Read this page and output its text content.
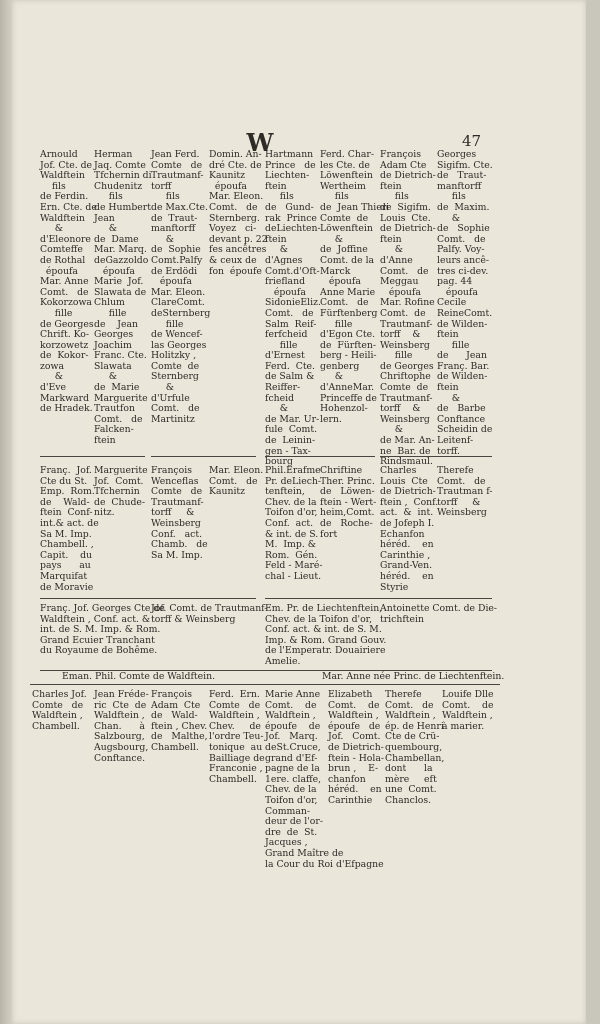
W	47
Arnould
Jof. Cte. de
Waldftein
fils
de Ferdin.
Ern. Cte. de
Waldftein
&
d'Eleonore
Comteffe
de Rothal
époufa
Mar. Anne
Comt.   de
Kokorzowa
fille
de Georges
Chrift. Ko-
korzowetz
de  Kokor-
zowa
&
d'Eve
Markward
de Hradek.
Herman
Jaq. Comte
Tfchernin di
Chudenitz
fils
de Humbert
Jean
&
de  Dame
Mar. Marq.
deGazzoldo
époufa
Marie  Jof.
Slawata de
Chlum
fille
de    Jean
Georges
Joachim
Franc. Cte.
Slawata
&
de  Marie
Marguerite
Trautfon
Comt.   de
Falcken-
ftein
Jean Ferd.
Comte   de
Trautmanf-
torff
fils
de Max.Cte.
de  Traut-
manftorff
&
de  Sophie
Comt.Palfy
de Erdödi
époufa
Mar. Eleon.
ClareComt.
deSternberg
fille
de Wencef-
las Georges
Holitzky ,
Comte  de
Sternberg
&
d'Urfule
Comt.   de
Martinitz
Domin. An-
dré Cte. de
Kaunitz
époufa
Mar. Eleon.
Comt.   de
Sternberg.
Voyez   ci-
devant p. 22
fes ancêtres
& ceux de
fon  époufe
Hartmann
Prince   de
Liechten-
ftein
fils
de   Gund-
rak  Prince
deLiechten-
ftein
&
d'Agnes
Comt.d'Oft-
friefland
époufa
SidonieEliz.
Comt.   de
Salm  Reif-
ferfcheid
fille
d'Ernest
Ferd.  Cte.
de Salm &
Reiffer-
fcheid
&
de Mar. Ur-
fule  Comt.
de  Leinin-
gen - Tax-
bourg
Ferd. Char-
les Cte. de
Löwenftein
Wertheim
fils
de  Jean Thieri
Comte  de
Löwenftein
&
de  Joffine
Comt. de la
Marck
époufa
Anne Marie
Comt.   de
Fürftenberg
fille
d'Egon Cte.
de  Fürften-
berg - Heili-
genberg
&
d'AnneMar.
Princeffe de
Hohenzol-
lern.
François
Adam Cte
de Dietrich-
ftein
fils
de  Sigifm.
Louis  Cte.
de Dietrich-
ftein
&
d'Anne
Comt.   de
Meggau
époufa
Mar. Rofine
Comt.  de
Trautmanf-
torff    &
Weinsberg
fille
de Georges
Chriftophe
Comte  de
Trautmanf-
torff    &
Weinsberg
&
de Mar. An-
ne  Bar. de
Rindsmaul.
Georges
Sigifm. Cte.
de   Traut-
manftorff
fils
de  Maxim.
&
de   Sophie
Comt.   de
Palfy. Voy-
leurs ancê-
tres ci-dev.
pag. 44
époufa
Cecile
ReineComt.
de Wilden-
ftein
fille
de      Jean
Franç. Bar.
de Wilden-
ftein
&
de   Barbe
Conftance
Scheidin de
Leitenf-
torff.
Franç.  Jof.
Cte du St.
Emp.  Rom.
de    Wald-
ftein  Conf-
int.& act. de
Sa M. Imp.
Chambell. ,
Capit.    du
pays      au
Marquifat
de Moravie
Marguerite
Jof.  Comt.
Tfchernin
de  Chude-
nitz.
François
Wenceflas
Comte   de
Trautmanf-
torff     &
Weinsberg
Conf.   act.
Chamb.   de
Sa M. Imp.
Mar. Eleon.
Comt.   de
Kaunitz
Phil.Erafme
Pr. deLiech-
tenftein,
Chev. de la
Toifon d'or,
Conf.  act.
& int. de S.
M.  Imp. &
Rom.  Gén.
Feld - Maré-
chal - Lieut.
Chriftine
Ther. Princ.
de   Löwen-
ftein - Wert-
heim,Comt.
de   Roche-
fort
Charles
Louis  Cte
de Dietrich-
ftein ,  Conf.
act.  &  int.
de Jofeph I.
Echanfon
héréd.    en
Carinthie ,
Grand-Ven.
héréd.    en
Styrie
Therefe
Comt.   de
Trautman f-
torff     &
Weinsberg
Franç. Jof. Georges Cte de
Waldftein , Conf. act. &
int. de S. M. Imp. & Rom.
Grand Ecuier Tranchant
du Royaume de Bohême.
Jof. Comt. de Trautmanf-
torff & Weinsberg
Em. Pr. de Liechtenftein,
Chev. de la Toifon d'or,
Conf. act. & int. de S. M.
Imp. & Rom. Grand Gouv.
de l'Emperatr. Douairiere
Amelie.
Antoinette Comt. de Die-
trichftein
Eman. Phil. Comte de Waldftein.	Mar. Anne née Princ. de Liechtenftein.
Charles Jof.
Comte   de
Waldftein ,
Chambell.
Jean Fréde-
ric  Cte  de
Waldftein ,
Chan.      à
Salzbourg,
Augsbourg,
Conftance.
François
Adam  Cte
de   Wald-
ftein , Chev.
de   Malthe,
Chambell.
Ferd.  Ern.
Comte   de
Waldftein ,
Chev.     de
l'ordre Teu-
tonique  au
Bailliage de
Franconie ,
Chambell.
Marie Anne
Comt.    de
Waldftein ,
époufe    de
Jof.   Marq.
deSt.Cruce,
grand d'Ef-
pagne de la
1ere. claffe,
Chev. de la
Toifon d'or,
Comman-
deur de l'or-
dre  de  St.
Jacques ,
Grand Maître de
la Cour du Roi d'Efpagne
Elizabeth
Comt.    de
Waldftein ,
époufe   de
Jof.   Comt.
de Dietrich-
ftein - Hola-
brun ,    E-
chanfon
héréd.    en
Carinthie
Therefe
Comt.   de
Waldftein ,
ép. de Henri
Cte de Crü-
quembourg,
Chambellan,
dont      la
mère     eft
une  Comt.
Chanclos.
Louife Dlle
Comt.    de
Waldftein ,
à marier.
